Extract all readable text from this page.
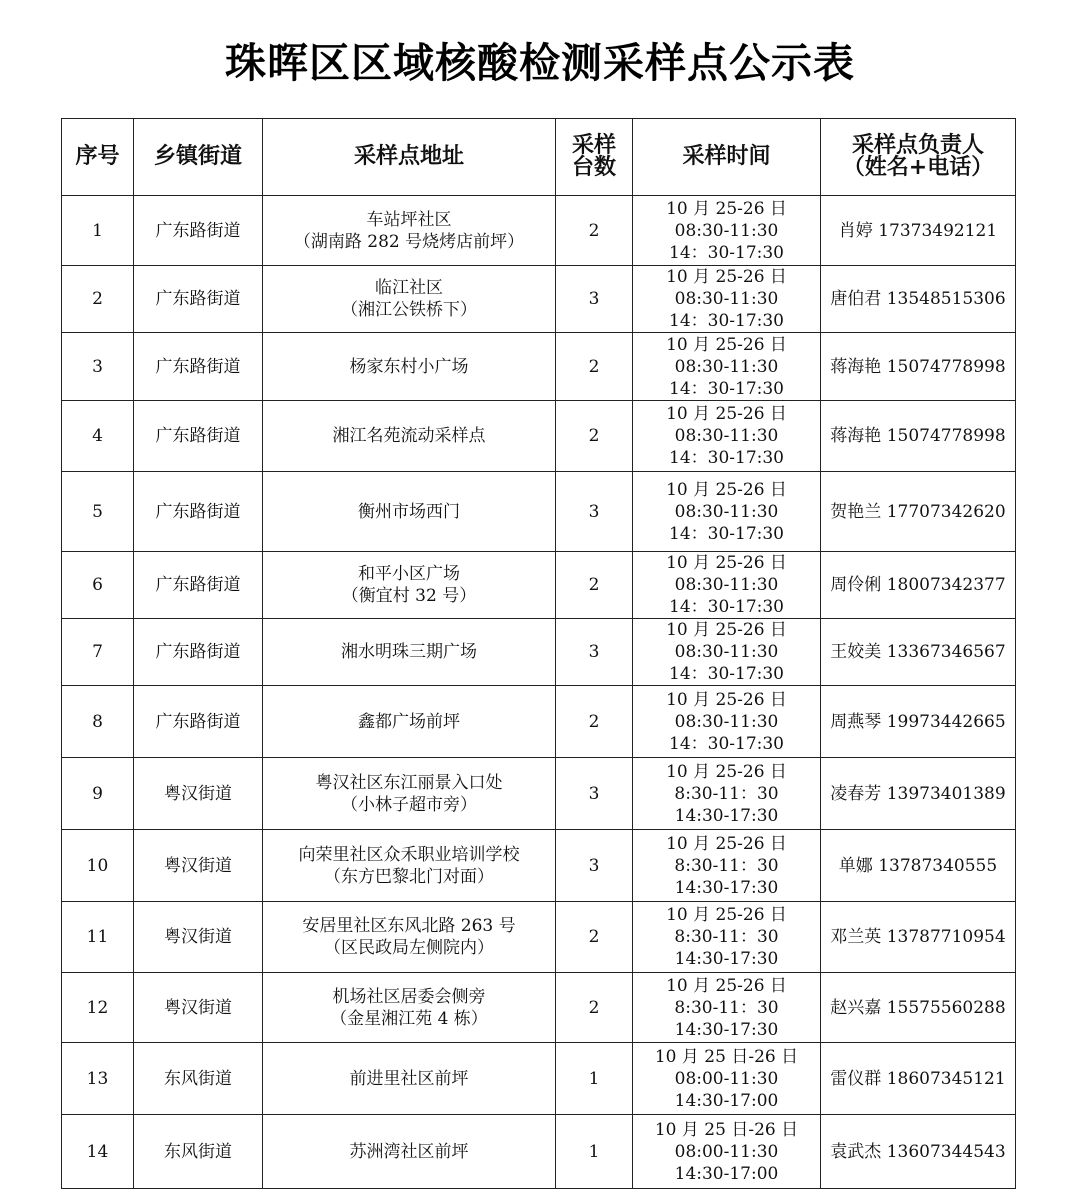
珠晖区区域核酸检测采样点公示表
序号	乡镇街道	采样点地址	采样
台数	采样时间	采样点负责人
（姓名+电话）

1	广东路街道	车站坪社区
（湖南路 282 号烧烤店前坪）	2	10 月 25-26 日
08:30-11:30
14：30-17:30	肖婷 17373492121
2	广东路街道	临江社区
（湘江公铁桥下）	3	10 月 25-26 日
08:30-11:30
14：30-17:30	唐伯君 13548515306
3	广东路街道	杨家东村小广场	2	10 月 25-26 日
08:30-11:30
14：30-17:30	蒋海艳 15074778998
4	广东路街道	湘江名苑流动采样点	2	10 月 25-26 日
08:30-11:30
14：30-17:30	蒋海艳 15074778998
5	广东路街道	衡州市场西门	3	10 月 25-26 日
08:30-11:30
14：30-17:30	贺艳兰 17707342620
6	广东路街道	和平小区广场
（衡宜村 32 号）	2	10 月 25-26 日
08:30-11:30
14：30-17:30	周伶俐 18007342377
7	广东路街道	湘水明珠三期广场	3	10 月 25-26 日
08:30-11:30
14：30-17:30	王姣美 13367346567
8	广东路街道	鑫都广场前坪	2	10 月 25-26 日
08:30-11:30
14：30-17:30	周燕琴 19973442665
9	粤汉街道	粤汉社区东江丽景入口处
（小林子超市旁）	3	10 月 25-26 日
8:30-11：30
14:30-17:30	凌春芳 13973401389
10	粤汉街道	向荣里社区众禾职业培训学校
（东方巴黎北门对面）	3	10 月 25-26 日
8:30-11：30
14:30-17:30	单娜 13787340555
11	粤汉街道	安居里社区东风北路 263 号
（区民政局左侧院内）	2	10 月 25-26 日
8:30-11：30
14:30-17:30	邓兰英 13787710954
12	粤汉街道	机场社区居委会侧旁
（金星湘江苑 4 栋）	2	10 月 25-26 日
8:30-11：30
14:30-17:30	赵兴嘉 15575560288
13	东风街道	前进里社区前坪	1	10 月 25 日-26 日
08:00-11:30
14:30-17:00	雷仪群 18607345121
14	东风街道	苏洲湾社区前坪	1	10 月 25 日-26 日
08:00-11:30
14:30-17:00	袁武杰 13607344543
